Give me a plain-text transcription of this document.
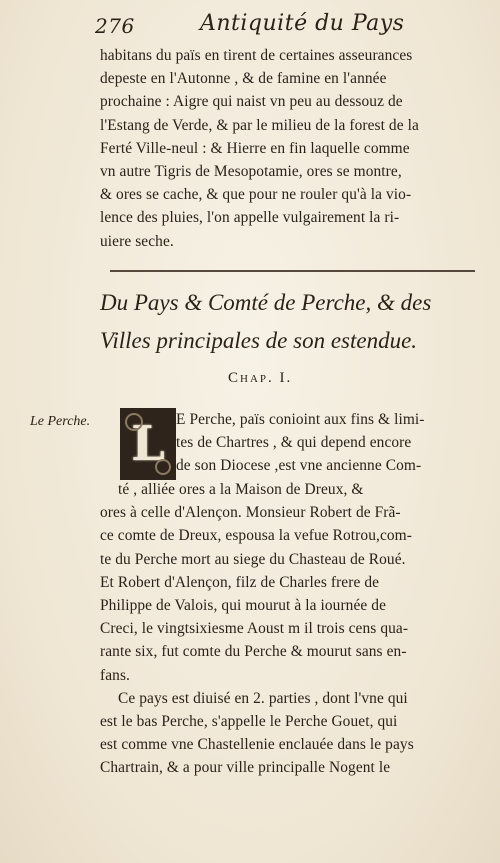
276	Antiquité du Pays
habitans du païs en tirent de certaines asseurances
depeste en l'Autonne , & de famine en l'année
prochaine : Aigre qui naist vn peu au dessouz de
l'Estang de Verde, & par le milieu de la forest de la
Ferté Ville-neul : & Hierre en fin laquelle comme
vn autre Tigris de Mesopotamie, ores se montre,
& ores se cache, & que pour ne rouler qu'à la vio-
lence des pluies, l'on appelle vulgairement la ri-
uiere seche.
Du Pays & Comté de Perche, & des
Villes principales de son estendue.
Chap. I.
Le Perche. L E Perche, païs conioint aux fins & limi-
tes de Chartres , & qui depend encore
de son Diocese ,est vne ancienne Com-
té , alliée ores a la Maison de Dreux, &
ores à celle d'Alençon. Monsieur Robert de Frã-
ce comte de Dreux, espousa la vefue Rotrou,com-
te du Perche mort au siege du Chasteau de Roué.
Et Robert d'Alençon, filz de Charles frere de
Philippe de Valois, qui mourut à la iournée de
Creci, le vingtsixiesme Aoust m il trois cens qua-
rante six, fut comte du Perche & mourut sans en-
fans.
Ce pays est diuisé en 2. parties , dont l'vne qui
est le bas Perche, s'appelle le Perche Gouet, qui
est comme vne Chastellenie enclauée dans le pays
Chartrain, & a pour ville principalle Nogent le
